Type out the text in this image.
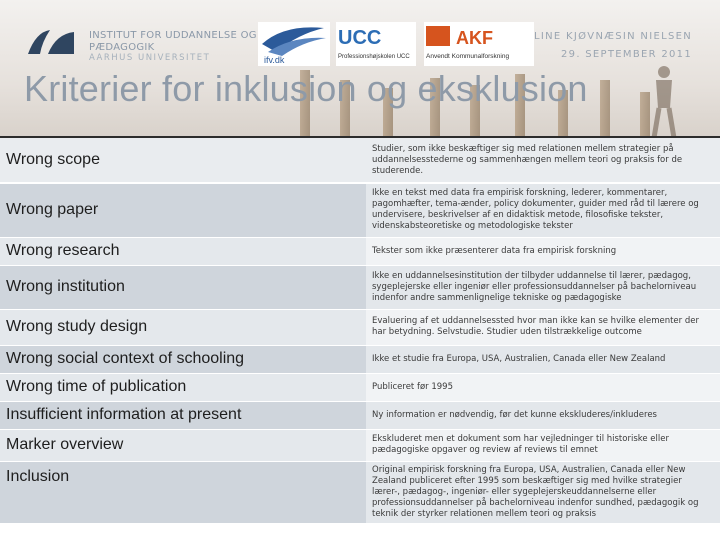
INSTITUT FOR UDDANNELSE OG
PÆDAGOGIK
AARHUS UNIVERSITET	ifv.dk
UCC
Professionshøjskolen UCC
AKF
Anvendt Kommunalforskning
LINE KJØVNÆSIN NIELSEN
29. SEPTEMBER 2011
Kriterier for inklusion og eksklusion
Wrong scope	Studier, som ikke beskæftiger sig med relationen mellem strategier på uddannelsesstederne og sammenhængen mellem teori og praksis for de studerende.
Wrong paper	Ikke en tekst med data fra empirisk forskning, lederer, kommentarer, pagomhæfter, tema-ænder, policy dokumenter, guider med råd til lærere og undervisere, beskrivelser af en didaktisk metode, filosofiske tekster, videnskabsteoretiske og metodologiske tekster
Wrong research	Tekster som ikke præsenterer data fra empirisk forskning
Wrong institution	Ikke en uddannelsesinstitution der tilbyder uddannelse til lærer, pædagog, sygeplejerske eller ingeniør eller professionsuddannelser på bachelorniveau indenfor andre sammenlignelige tekniske og pædagogiske
Wrong study design	Evaluering af et uddannelsessted hvor man ikke kan se hvilke elementer der har betydning. Selvstudie. Studier uden tilstrækkelige outcome
Wrong social context of schooling	Ikke et studie fra Europa, USA, Australien, Canada eller New Zealand
Wrong time of publication	Publiceret før 1995
Insufficient information at present	Ny information er nødvendig, før det kunne ekskluderes/inkluderes
Marker overview	Ekskluderet men et dokument som har vejledninger til historiske eller pædagogiske opgaver og review af reviews til emnet
Inclusion	Original empirisk forskning fra Europa, USA, Australien, Canada eller New Zealand publiceret efter 1995 som beskæftiger sig med hvilke strategier lærer-, pædagog-, ingeniør- eller sygeplejerskeuddannelserne eller professionsuddannelser på bachelorniveau indenfor sundhed, pædagogik og teknik der styrker relationen mellem teori og praksis
